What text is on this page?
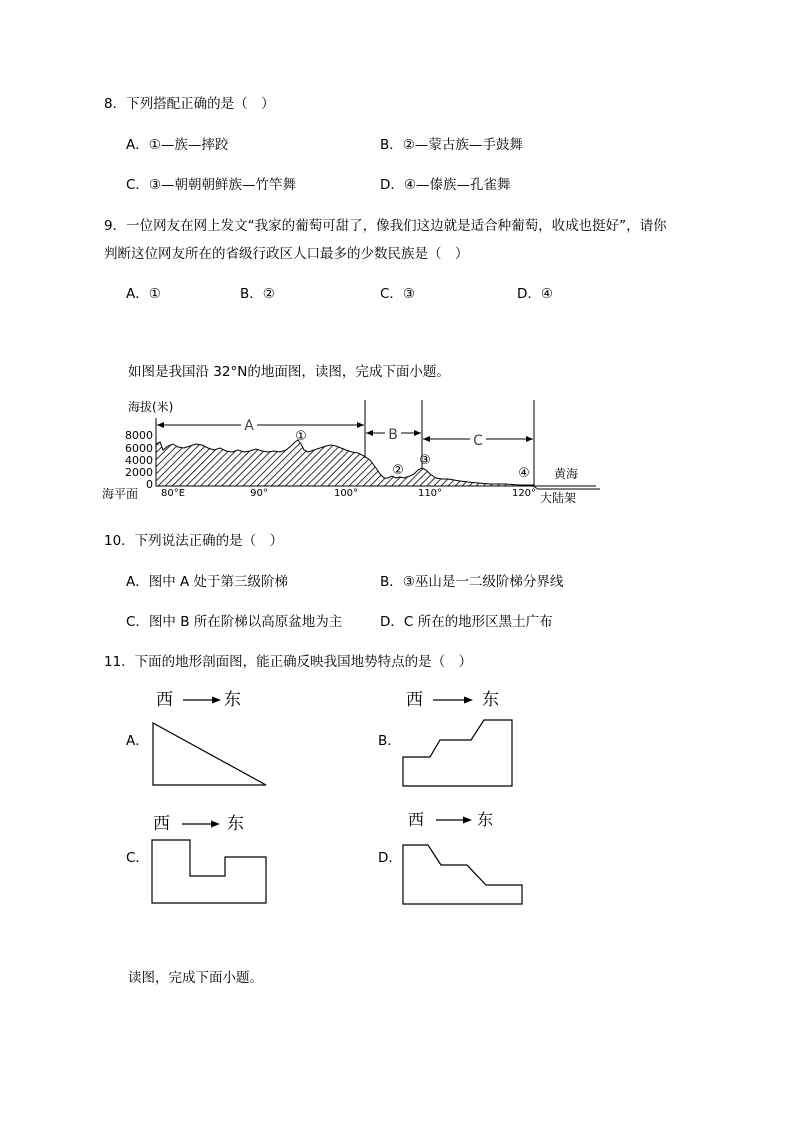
8．下列搭配正确的是（　）
A．①—族—摔跤	B．②—蒙古族—手鼓舞
C．③—朝朝朝鲜族—竹竿舞	D．④—傣族—孔雀舞
9．一位网友在网上发文“我家的葡萄可甜了，像我们这边就是适合种葡萄，收成也挺好”，请你
判断这位网友所在的省级行政区人口最多的少数民族是（　）
A．①	B．②	C．③	D．④
如图是我国沿 32°N的地面图，读图，完成下面小题。
海拔(米)
8000
6000
4000
2000
0
海平面
A
B	C
①
②
③
④ 黄海
大陆架
80°E	90°	100°	110°	120°
10．下列说法正确的是（　）
A．图中 A 处于第三级阶梯	B．③巫山是一二级阶梯分界线
C．图中 B 所在阶梯以高原盆地为主	D．C 所在的地形区黑土广布
11．下面的地形剖面图，能正确反映我国地势特点的是（　）
西	东
A．
西	东
B．
西	东
C．
西	东
D．
读图，完成下面小题。
